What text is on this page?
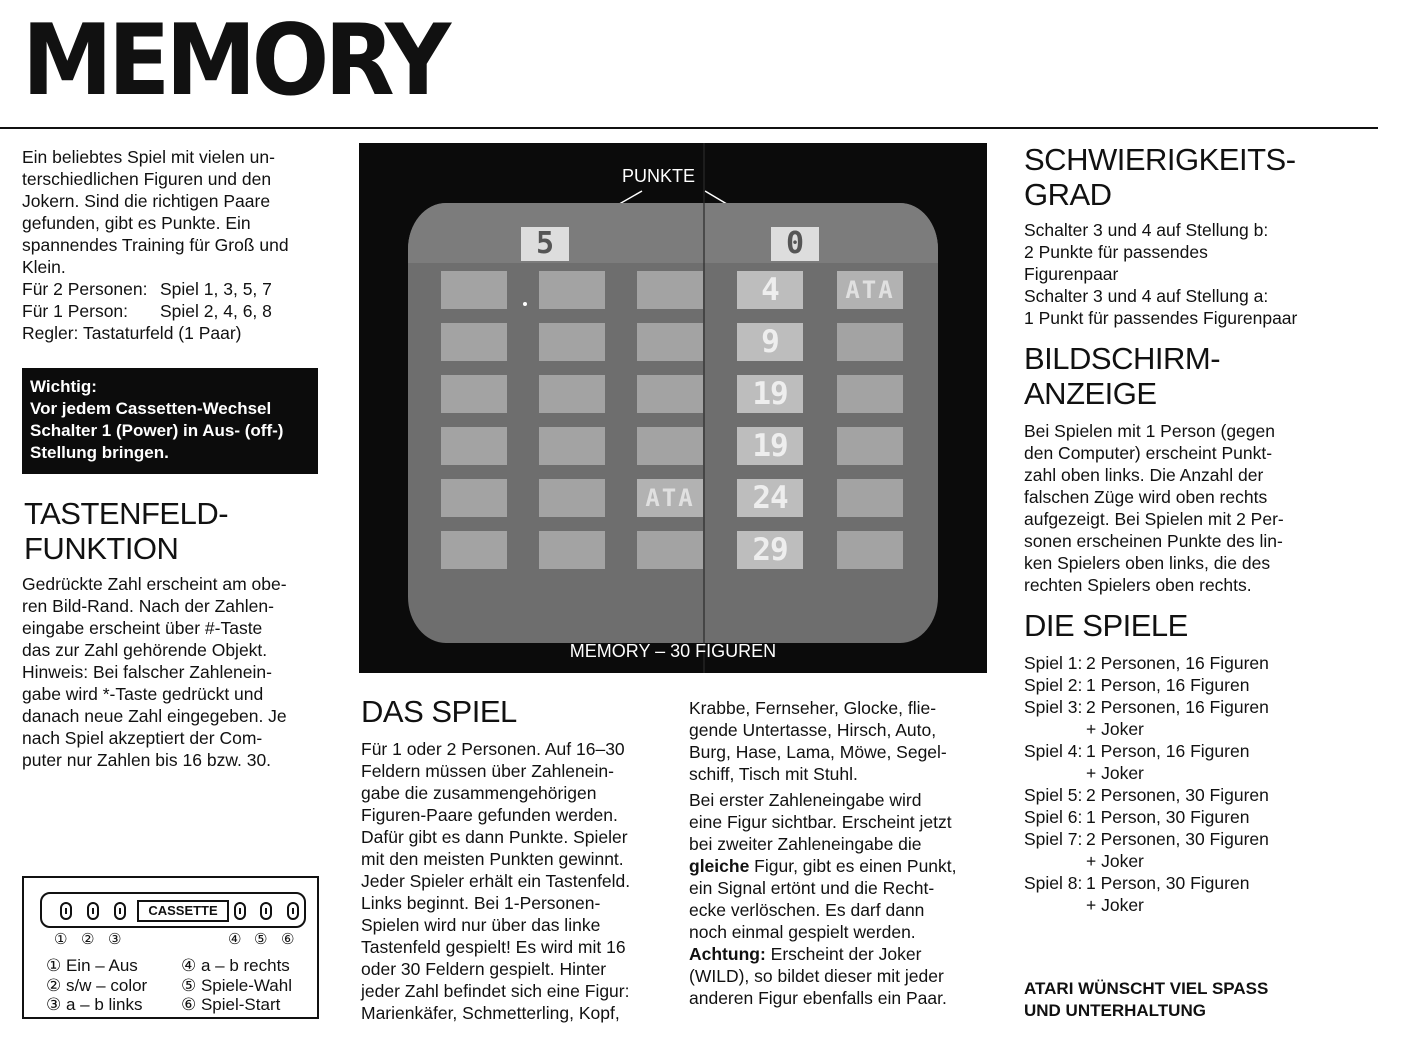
MEMORY

Ein beliebtes Spiel mit vielen un-

terschiedlichen Figuren und den

Jokern. Sind die richtigen Paare

gefunden, gibt es Punkte. Ein

spannendes Training für Groß und

Klein.

Für 2 Personen: Spiel 1, 3, 5, 7

Für 1 Person: Spiel 2, 4, 6, 8

Regler: Tastaturfeld (1 Paar)

Wichtig:

Vor jedem Cassetten-Wechsel

Schalter 1 (Power) in Aus- (off-)

Stellung bringen.

TASTENFELD-
FUNKTION

Gedrückte Zahl erscheint am obe-

ren Bild-Rand. Nach der Zahlen-

eingabe erscheint über #-Taste

das zur Zahl gehörende Objekt.

Hinweis: Bei falscher Zahlenein-

gabe wird *-Taste gedrückt und

danach neue Zahl eingegeben. Je

nach Spiel akzeptiert der Com-

puter nur Zahlen bis 16 bzw. 30.

CASSETTE
① ② ③	④ ⑤ ⑥
① Ein – Aus
② s/w – color
③ a – b links
④ a – b rechts
⑤ Spiele-Wahl
⑥ Spiel-Start
PUNKTE
5	0
4	ATA
9
19
19
ATA	24
29
MEMORY – 30 FIGUREN
DAS SPIEL

Für 1 oder 2 Personen. Auf 16–30

Feldern müssen über Zahlenein-

gabe die zusammengehörigen

Figuren-Paare gefunden werden.

Dafür gibt es dann Punkte. Spieler

mit den meisten Punkten gewinnt.

Jeder Spieler erhält ein Tastenfeld.

Links beginnt. Bei 1-Personen-

Spielen wird nur über das linke

Tastenfeld gespielt! Es wird mit 16

oder 30 Feldern gespielt. Hinter

jeder Zahl befindet sich eine Figur:

Marienkäfer, Schmetterling, Kopf,

Krabbe, Fernseher, Glocke, flie-

gende Untertasse, Hirsch, Auto,

Burg, Hase, Lama, Möwe, Segel-

schiff, Tisch mit Stuhl.

Bei erster Zahleneingabe wird

eine Figur sichtbar. Erscheint jetzt

bei zweiter Zahleneingabe die

gleiche Figur, gibt es einen Punkt,

ein Signal ertönt und die Recht-

ecke verlöschen. Es darf dann

noch einmal gespielt werden.

Achtung: Erscheint der Joker

(WILD), so bildet dieser mit jeder

anderen Figur ebenfalls ein Paar.

SCHWIERIGKEITS-
GRAD

Schalter 3 und 4 auf Stellung b:

2 Punkte für passendes

Figurenpaar

Schalter 3 und 4 auf Stellung a:

1 Punkt für passendes Figurenpaar

BILDSCHIRM-
ANZEIGE

Bei Spielen mit 1 Person (gegen

den Computer) erscheint Punkt-

zahl oben links. Die Anzahl der

falschen Züge wird oben rechts

aufgezeigt. Bei Spielen mit 2 Per-

sonen erscheinen Punkte des lin-

ken Spielers oben links, die des

rechten Spielers oben rechts.

DIE SPIELE

Spiel 1: 2 Personen, 16 Figuren

Spiel 2: 1 Person, 16 Figuren

Spiel 3: 2 Personen, 16 Figuren

+ Joker

Spiel 4: 1 Person, 16 Figuren

+ Joker

Spiel 5: 2 Personen, 30 Figuren

Spiel 6: 1 Person, 30 Figuren

Spiel 7: 2 Personen, 30 Figuren

+ Joker

Spiel 8: 1 Person, 30 Figuren

+ Joker

ATARI WÜNSCHT VIEL SPASS
UND UNTERHALTUNG
